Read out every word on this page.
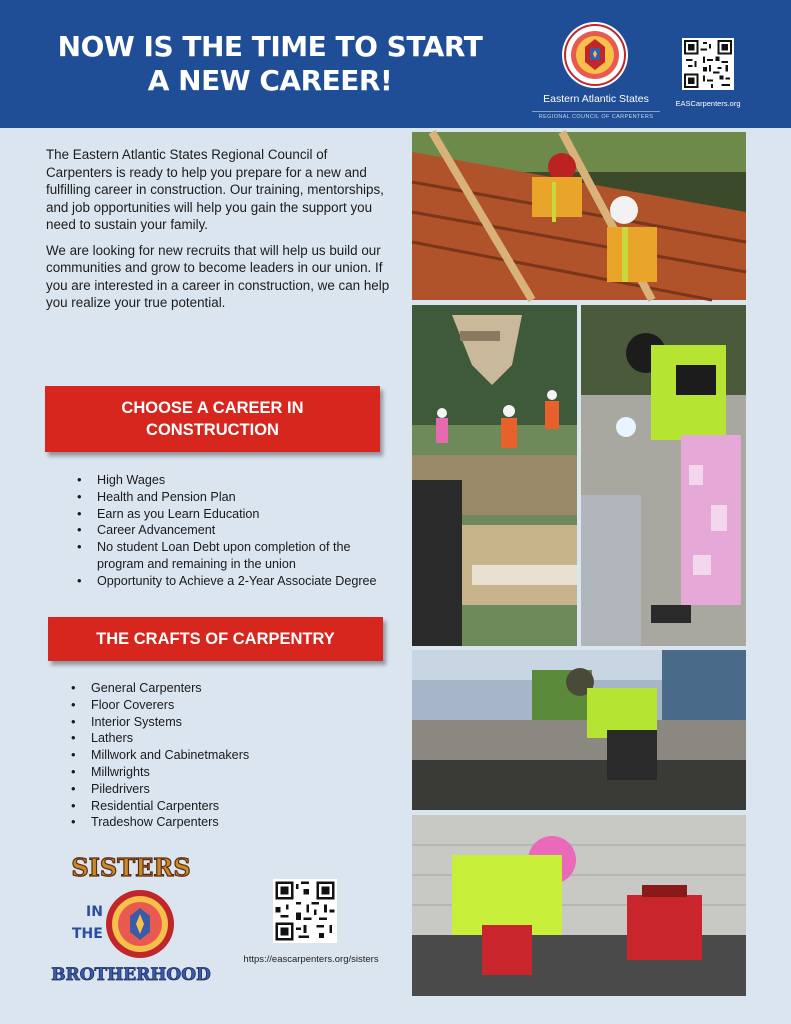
NOW IS THE TIME TO START
A NEW CAREER!
Eastern Atlantic States
REGIONAL COUNCIL OF CARPENTERS
EASCarpenters.org

The Eastern Atlantic States Regional Council of Carpenters is ready to help you prepare for a new and fulfilling career in construction. Our training, mentorships, and job opportunities will help you gain the support you need to sustain your family.

We are looking for new recruits that will help us build our communities and grow to become leaders in our union. If you are interested in a career in construction, we can help you realize your true potential.

CHOOSE A CAREER IN CONSTRUCTION
• High Wages
• Health and Pension Plan
• Earn as you Learn Education
• Career Advancement
• No student Loan Debt upon completion of the program and remaining in the union
• Opportunity to Achieve a 2-Year Associate Degree
THE CRAFTS OF CARPENTRY
• General Carpenters
• Floor Coverers
• Interior Systems
• Lathers
• Millwork and Cabinetmakers
• Millwrights
• Piledrivers
• Residential Carpenters
• Tradeshow Carpenters
SISTERS
IN
THE
BROTHERHOOD
https://eascarpenters.org/sisters
